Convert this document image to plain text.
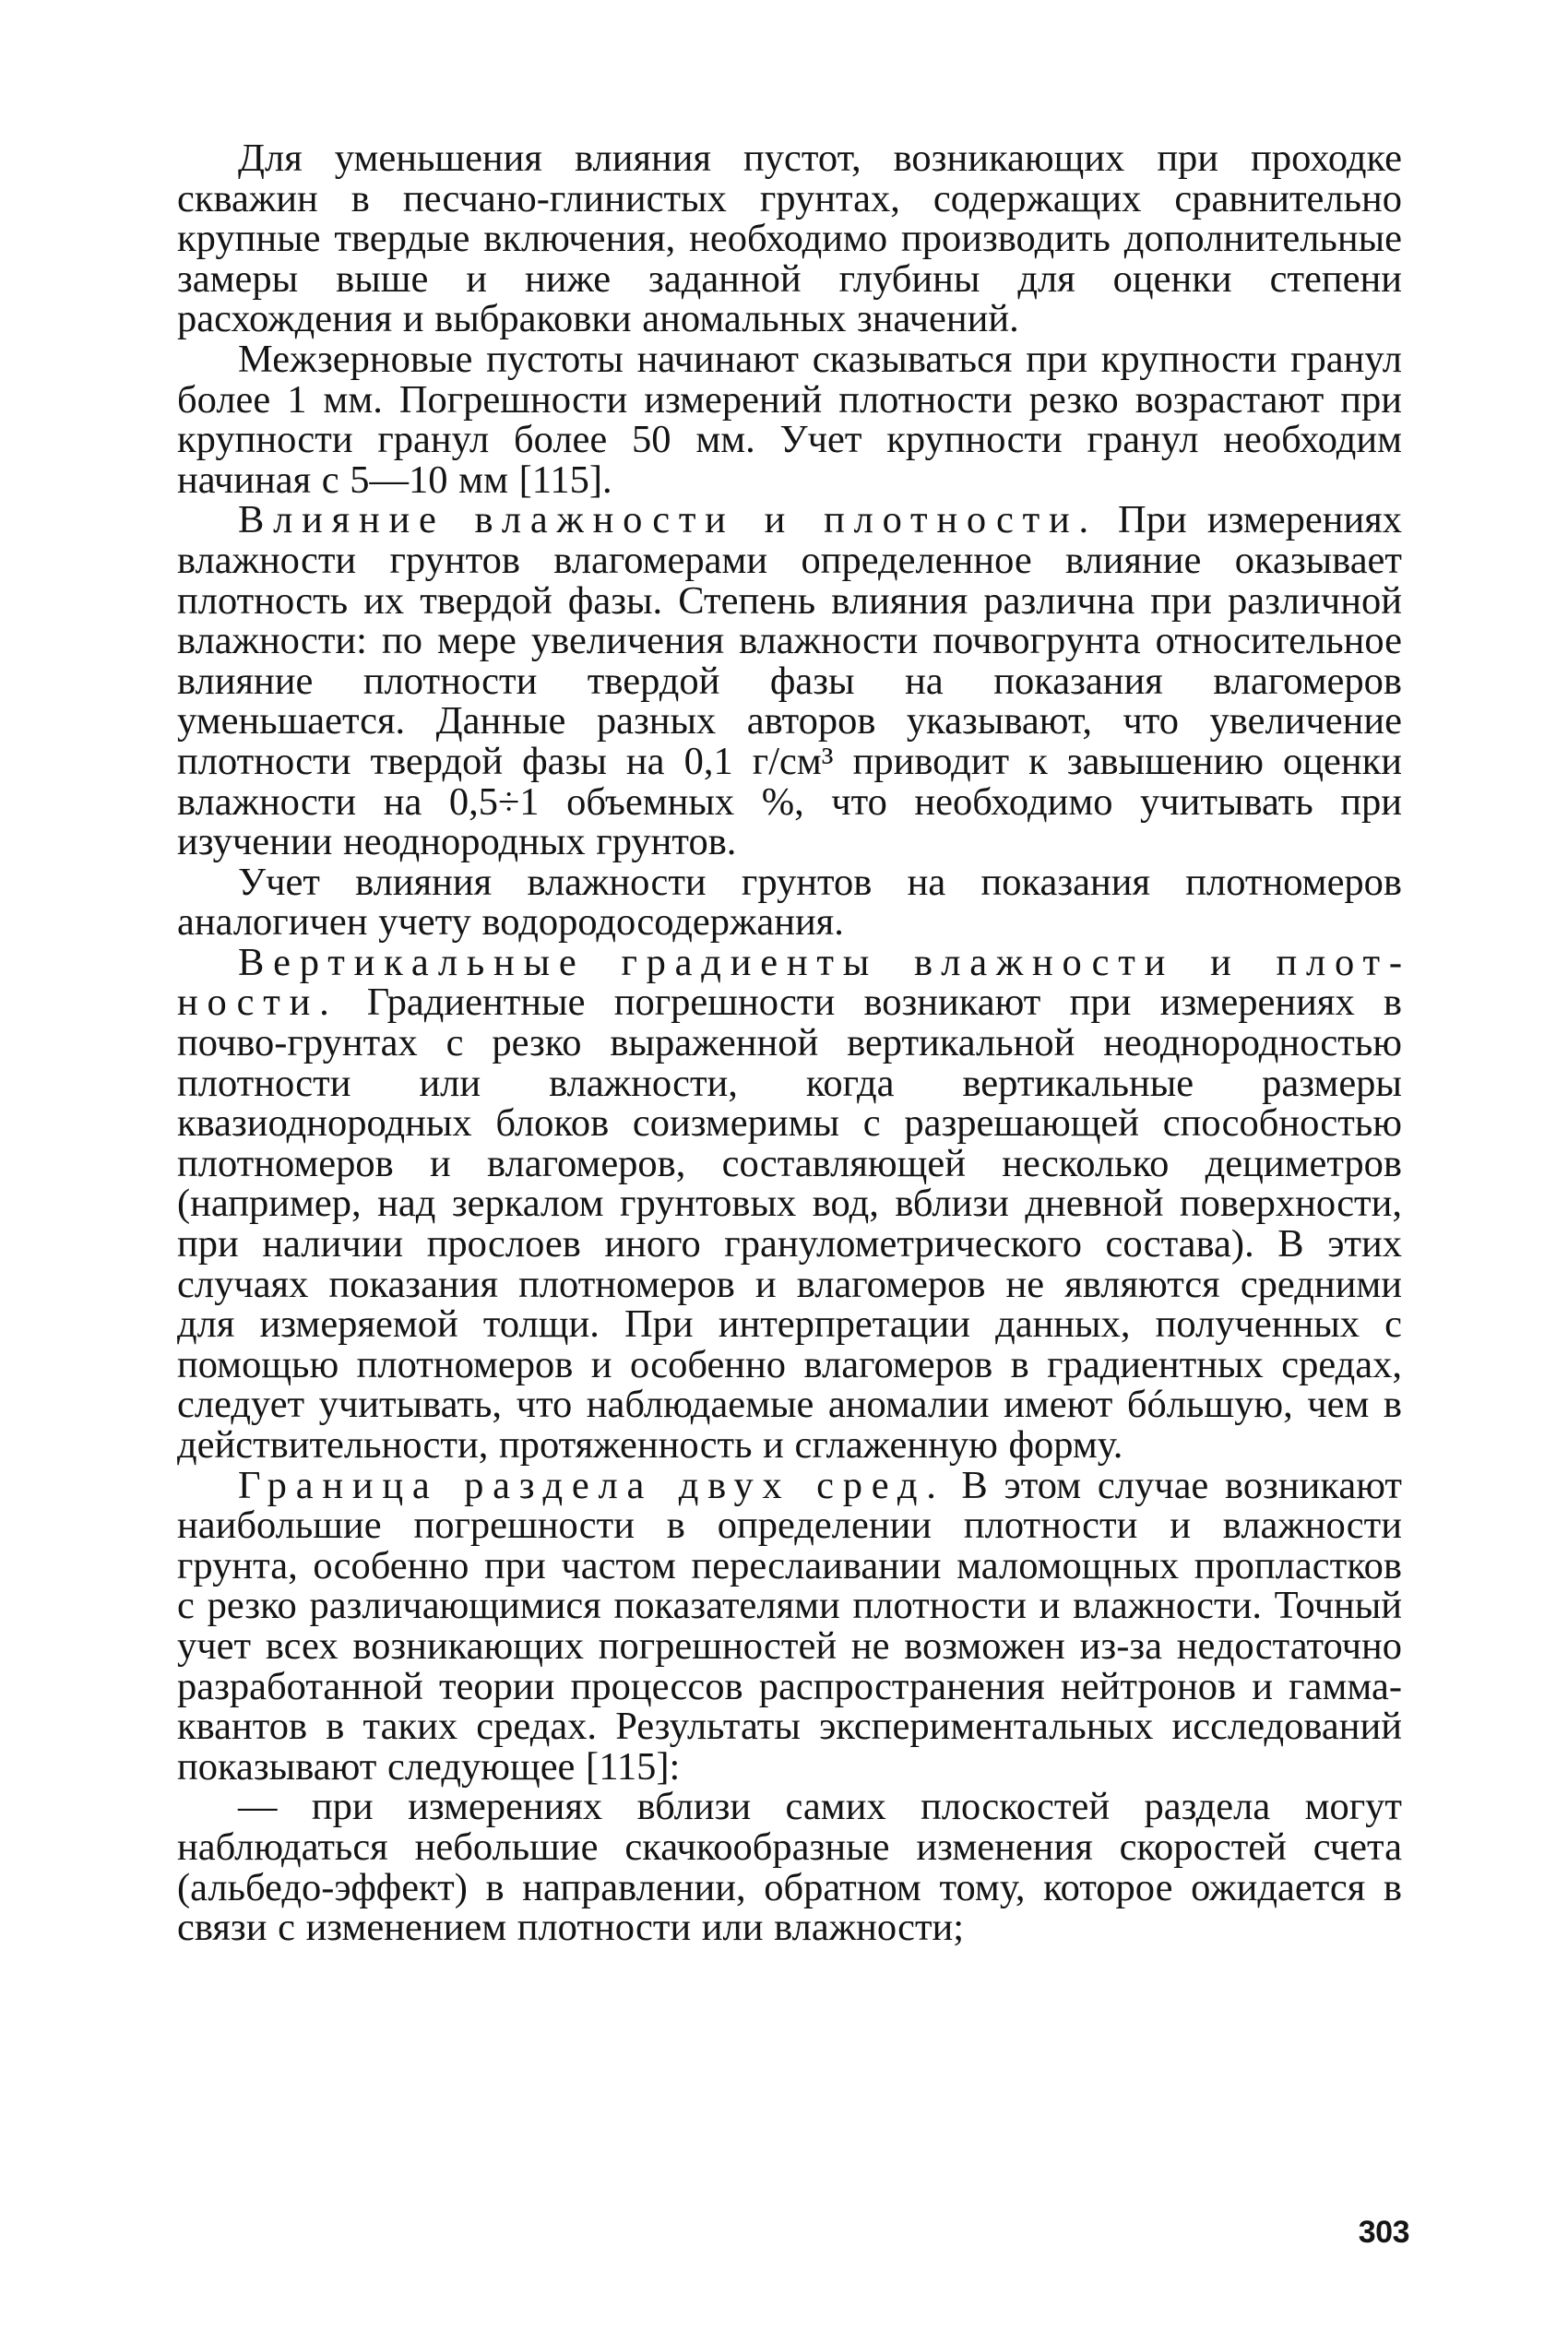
Для уменьшения влияния пустот, возникающих при проходке скважин в песчано-глинистых грунтах, содержащих сравнительно крупные твердые включения, необходимо производить дополнительные замеры выше и ниже заданной глубины для оценки степени расхождения и выбраковки аномальных значений.

Межзерновые пустоты начинают сказываться при крупности гранул более 1 мм. Погрешности измерений плотности резко возрастают при крупности гранул более 50 мм. Учет крупности гранул необходим начиная с 5—10 мм [115].

Влияние влажности и плотности. При измерениях влажности грунтов влагомерами определенное влияние оказывает плотность их твердой фазы. Степень влияния различна при различной влажности: по мере увеличения влажности почвогрунта относительное влияние плотности твердой фазы на показания влагомеров уменьшается. Данные разных авторов указывают, что увеличение плотности твердой фазы на 0,1 г/см³ приводит к завышению оценки влажности на 0,5÷1 объемных %, что необходимо учитывать при изучении неоднородных грунтов.

Учет влияния влажности грунтов на показания плотномеров аналогичен учету водородосодержания.

Вертикальные градиенты влажности и плотности. Градиентные погрешности возникают при измерениях в почво-грунтах с резко выраженной вертикальной неоднородностью плотности или влажности, когда вертикальные размеры квазиоднородных блоков соизмеримы с разрешающей способностью плотномеров и влагомеров, составляющей несколько дециметров (например, над зеркалом грунтовых вод, вблизи дневной поверхности, при наличии прослоев иного гранулометрического состава). В этих случаях показания плотномеров и влагомеров не являются средними для измеряемой толщи. При интерпретации данных, полученных с помощью плотномеров и особенно влагомеров в градиентных средах, следует учитывать, что наблюдаемые аномалии имеют бóльшую, чем в действительности, протяженность и сглаженную форму.

Граница раздела двух сред. В этом случае возникают наибольшие погрешности в определении плотности и влажности грунта, особенно при частом переслаивании маломощных пропластков с резко различающимися показателями плотности и влажности. Точный учет всех возникающих погрешностей не возможен из-за недостаточно разработанной теории процессов распространения нейтронов и гамма-квантов в таких средах. Результаты экспериментальных исследований показывают следующее [115]:

— при измерениях вблизи самих плоскостей раздела могут наблюдаться небольшие скачкообразные изменения скоростей счета (альбедо-эффект) в направлении, обратном тому, которое ожидается в связи с изменением плотности или влажности;

303
